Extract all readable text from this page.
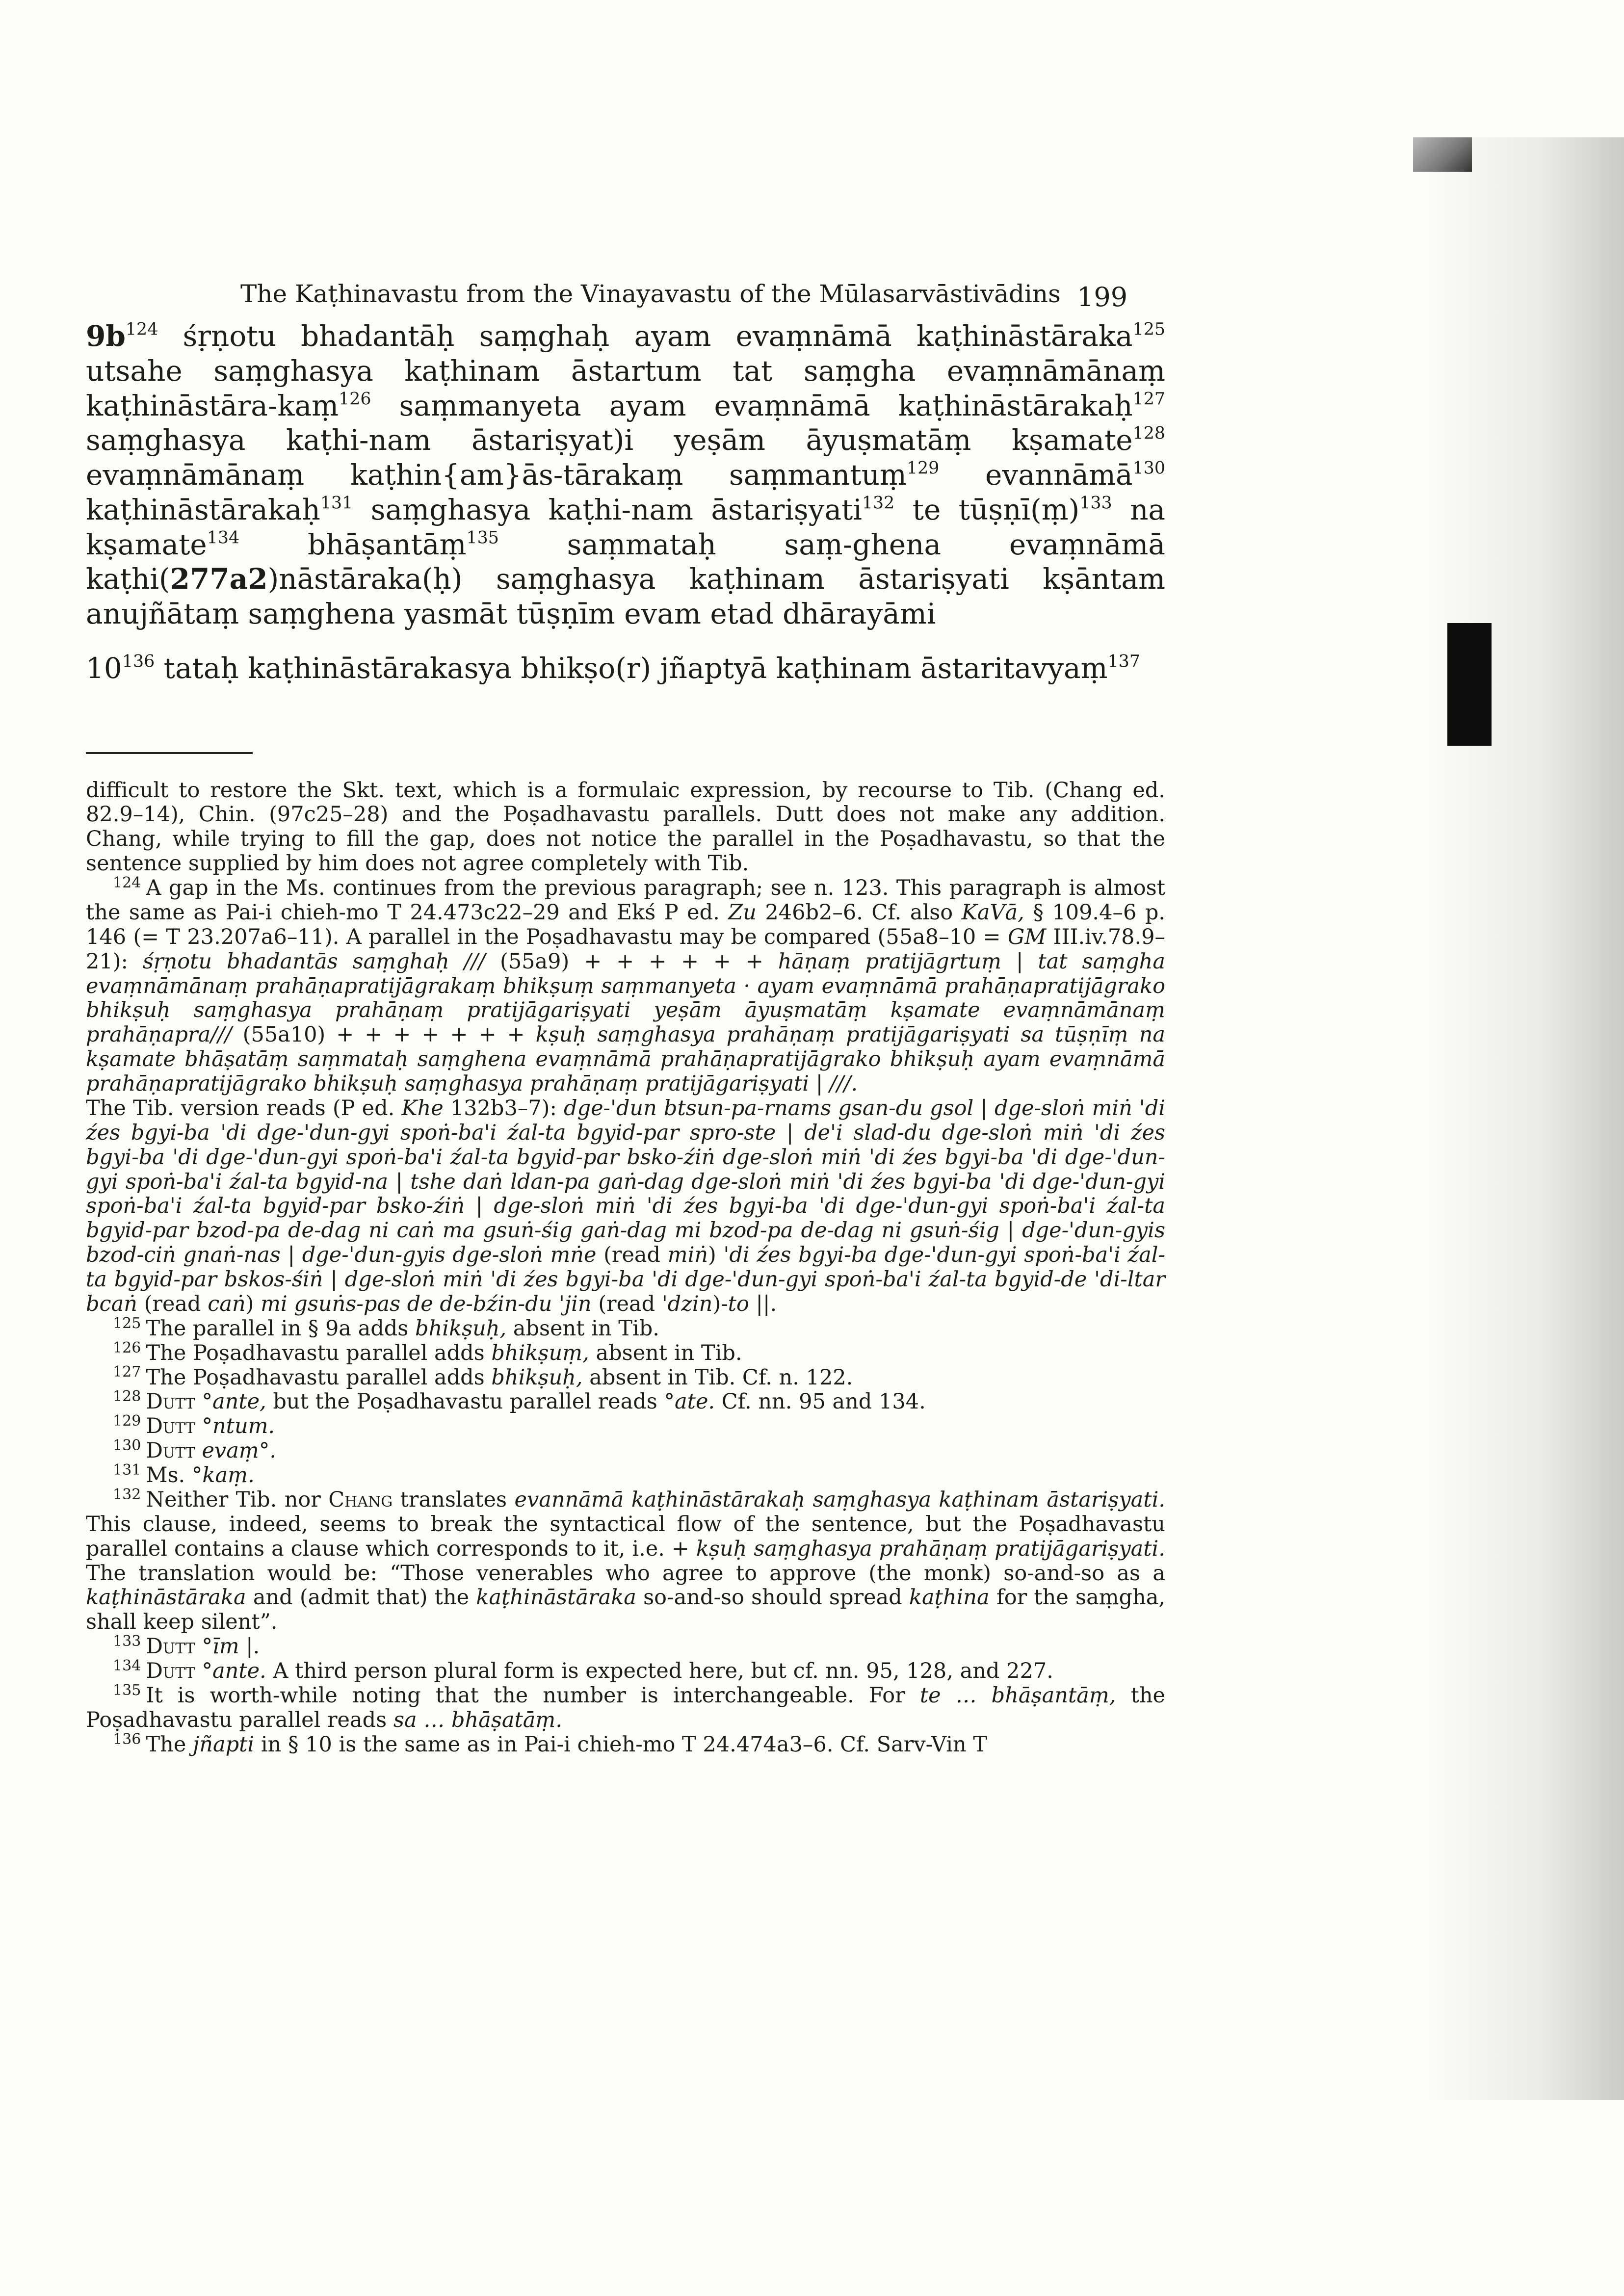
The Kaṭhinavastu from the Vinayavastu of the Mūlasarvāstivādins 199

$9b^{124}$ śṛṇotu bhadantāḥ saṃghaḥ ayam evaṃnāmā kaṭhināstāraka$^{125}$ utsahe saṃghasya kaṭhinam āstartum tat saṃgha evaṃnāmānaṃ kaṭhināstāra-kaṃ$^{126}$ saṃmanyeta ayam evaṃnāmā kaṭhināstārakaḥ$^{127}$ saṃghasya kaṭhi-nam āstariṣyat)i yeṣām āyuṣmatāṃ kṣamate$^{128}$ evaṃnāmānaṃ kaṭhin{am}ās-tārakaṃ saṃmantuṃ$^{129}$ evannāmā$^{130}$ kaṭhināstārakaḥ$^{131}$ saṃghasya kaṭhi-nam āstariṣyati$^{132}$ te tūṣṇī(ṃ)$^{133}$ na kṣamate$^{134}$ bhāṣantāṃ$^{135}$ saṃmataḥ saṃ-ghena evaṃnāmā kaṭhi(277a2)nāstāraka(ḥ) saṃghasya kaṭhinam āstariṣyati kṣāntam anujñātaṃ saṃghena yasmāt tūṣṇīm evam etad dhārayāmi

$10^{136}$ tataḥ kaṭhināstārakasya bhikṣo(r) jñaptyā kaṭhinam āstaritavyaṃ$^{137}$

difficult to restore the Skt. text, which is a formulaic expression, by recourse to Tib. (Chang ed. 82.9–14), Chin. (97c25–28) and the Poṣadhavastu parallels. Dutt does not make any addition. Chang, while trying to fill the gap, does not notice the parallel in the Poṣadhavastu, so that the sentence supplied by him does not agree completely with Tib.

$^{124}$ A gap in the Ms. continues from the previous paragraph; see n. 123. This paragraph is almost the same as Pai-i chieh-mo T 24.473c22–29 and Ekś P ed. Zu 246b2–6. Cf. also KaVā, § 109.4–6 p. 146 (= T 23.207a6–11). A parallel in the Poṣadhavastu may be compared (55a8–10 = GM III.iv.78.9–21): śṛṇotu bhadantās saṃghaḥ /// (55a9) + + + + + + hāṇaṃ pratijāgrtuṃ | tat saṃgha evaṃnāmānaṃ prahāṇapratijāgrakaṃ bhikṣuṃ saṃmanyeta · ayam evaṃnāmā prahāṇapratijāgrako bhikṣuḥ saṃghasya prahāṇaṃ pratijāgariṣyati yeṣām āyuṣmatāṃ kṣamate evaṃnāmānaṃ prahāṇapra/// (55a10) + + + + + + + kṣuḥ saṃghasya prahāṇaṃ pratijāgariṣyati sa tūṣṇīṃ na kṣamate bhāṣatāṃ saṃmataḥ saṃghena evaṃnāmā prahāṇapratijāgrako bhikṣuḥ ayam evaṃnāmā prahāṇapratijāgrako bhikṣuḥ saṃghasya prahāṇaṃ pratijāgariṣyati | ///.

The Tib. version reads (P ed. Khe 132b3–7): dge-'dun btsun-pa-rnams gsan-du gsol | dge-sloṅ miṅ 'di źes bgyi-ba 'di dge-'dun-gyi spoṅ-ba'i źal-ta bgyid-par spro-ste | de'i slad-du dge-sloṅ miṅ 'di źes bgyi-ba 'di dge-'dun-gyi spoṅ-ba'i źal-ta bgyid-par bsko-źiṅ dge-sloṅ miṅ 'di źes bgyi-ba 'di dge-'dun-gyi spoṅ-ba'i źal-ta bgyid-na | tshe daṅ ldan-pa gaṅ-dag dge-sloṅ miṅ 'di źes bgyi-ba 'di dge-'dun-gyi spoṅ-ba'i źal-ta bgyid-par bsko-źiṅ | dge-sloṅ miṅ 'di źes bgyi-ba 'di dge-'dun-gyi spoṅ-ba'i źal-ta bgyid-par bzod-pa de-dag ni caṅ ma gsuṅ-śig gaṅ-dag mi bzod-pa de-dag ni gsuṅ-śig | dge-'dun-gyis bzod-ciṅ gnaṅ-nas | dge-'dun-gyis dge-sloṅ mṅe (read miṅ) 'di źes bgyi-ba dge-'dun-gyi spoṅ-ba'i źal-ta bgyid-par bskos-śiṅ | dge-sloṅ miṅ 'di źes bgyi-ba 'di dge-'dun-gyi spoṅ-ba'i źal-ta bgyid-de 'di-ltar bcaṅ (read caṅ) mi gsuṅs-pas de de-bźin-du 'jin (read 'dzin)-to ||.

$^{125}$ The parallel in § 9a adds bhikṣuḥ, absent in Tib.

$^{126}$ The Poṣadhavastu parallel adds bhikṣuṃ, absent in Tib.

$^{127}$ The Poṣadhavastu parallel adds bhikṣuḥ, absent in Tib. Cf. n. 122.

$^{128}$ Dutt °ante, but the Poṣadhavastu parallel reads °ate. Cf. nn. 95 and 134.

$^{129}$ Dutt °ntum.

$^{130}$ Dutt evaṃ°.

$^{131}$ Ms. °kaṃ.

$^{132}$ Neither Tib. nor Chang translates evannāmā kaṭhināstārakaḥ saṃghasya kaṭhinam āstariṣyati. This clause, indeed, seems to break the syntactical flow of the sentence, but the Poṣadhavastu parallel contains a clause which corresponds to it, i.e. + kṣuḥ saṃghasya prahāṇaṃ pratijāgariṣyati. The translation would be: “Those venerables who agree to approve (the monk) so-and-so as a kaṭhināstāraka and (admit that) the kaṭhināstāraka so-and-so should spread kaṭhina for the saṃgha, shall keep silent”.

$^{133}$ Dutt °īm |.

$^{134}$ Dutt °ante. A third person plural form is expected here, but cf. nn. 95, 128, and 227.

$^{135}$ It is worth-while noting that the number is interchangeable. For te … bhāṣantāṃ, the Poṣadhavastu parallel reads sa … bhāṣatāṃ.

$^{136}$ The jñapti in § 10 is the same as in Pai-i chieh-mo T 24.474a3–6. Cf. Sarv-Vin T
